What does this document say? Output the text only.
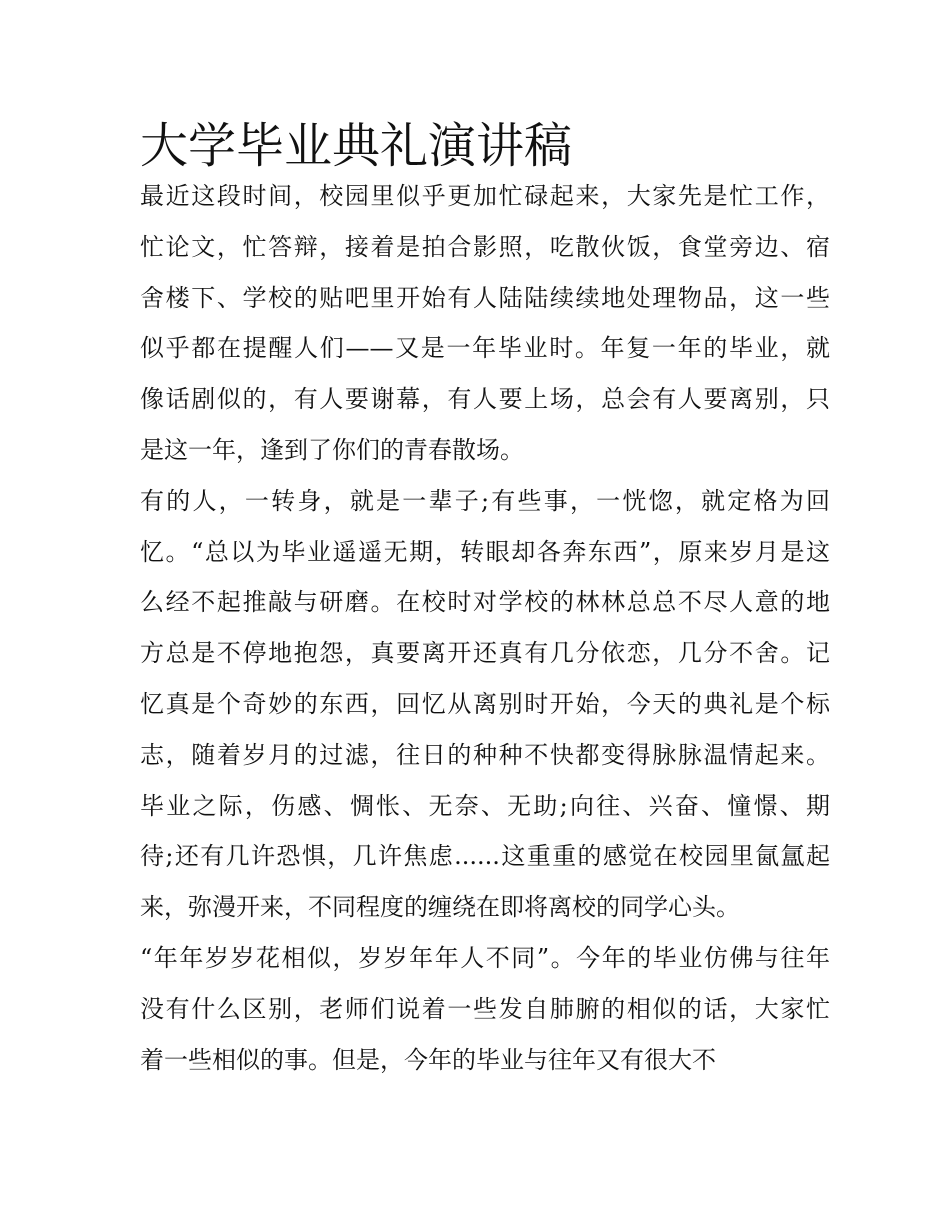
大学毕业典礼演讲稿
最近这段时间，校园里似乎更加忙碌起来，大家先是忙工作，
忙论文，忙答辩，接着是拍合影照，吃散伙饭，食堂旁边、宿
舍楼下、学校的贴吧里开始有人陆陆续续地处理物品，这一些
似乎都在提醒人们——又是一年毕业时。年复一年的毕业，就
像话剧似的，有人要谢幕，有人要上场，总会有人要离别，只
是这一年，逢到了你们的青春散场。
有的人，一转身，就是一辈子;有些事，一恍惚，就定格为回
忆。“总以为毕业遥遥无期，转眼却各奔东西”，原来岁月是这
么经不起推敲与研磨。在校时对学校的林林总总不尽人意的地
方总是不停地抱怨，真要离开还真有几分依恋，几分不舍。记
忆真是个奇妙的东西，回忆从离别时开始，今天的典礼是个标
志，随着岁月的过滤，往日的种种不快都变得脉脉温情起来。
毕业之际，伤感、惆怅、无奈、无助;向往、兴奋、憧憬、期
待;还有几许恐惧，几许焦虑......这重重的感觉在校园里氤氲起
来，弥漫开来，不同程度的缠绕在即将离校的同学心头。
“年年岁岁花相似，岁岁年年人不同”。今年的毕业仿佛与往年
没有什么区别，老师们说着一些发自肺腑的相似的话，大家忙
着一些相似的事。但是，今年的毕业与往年又有很大不
